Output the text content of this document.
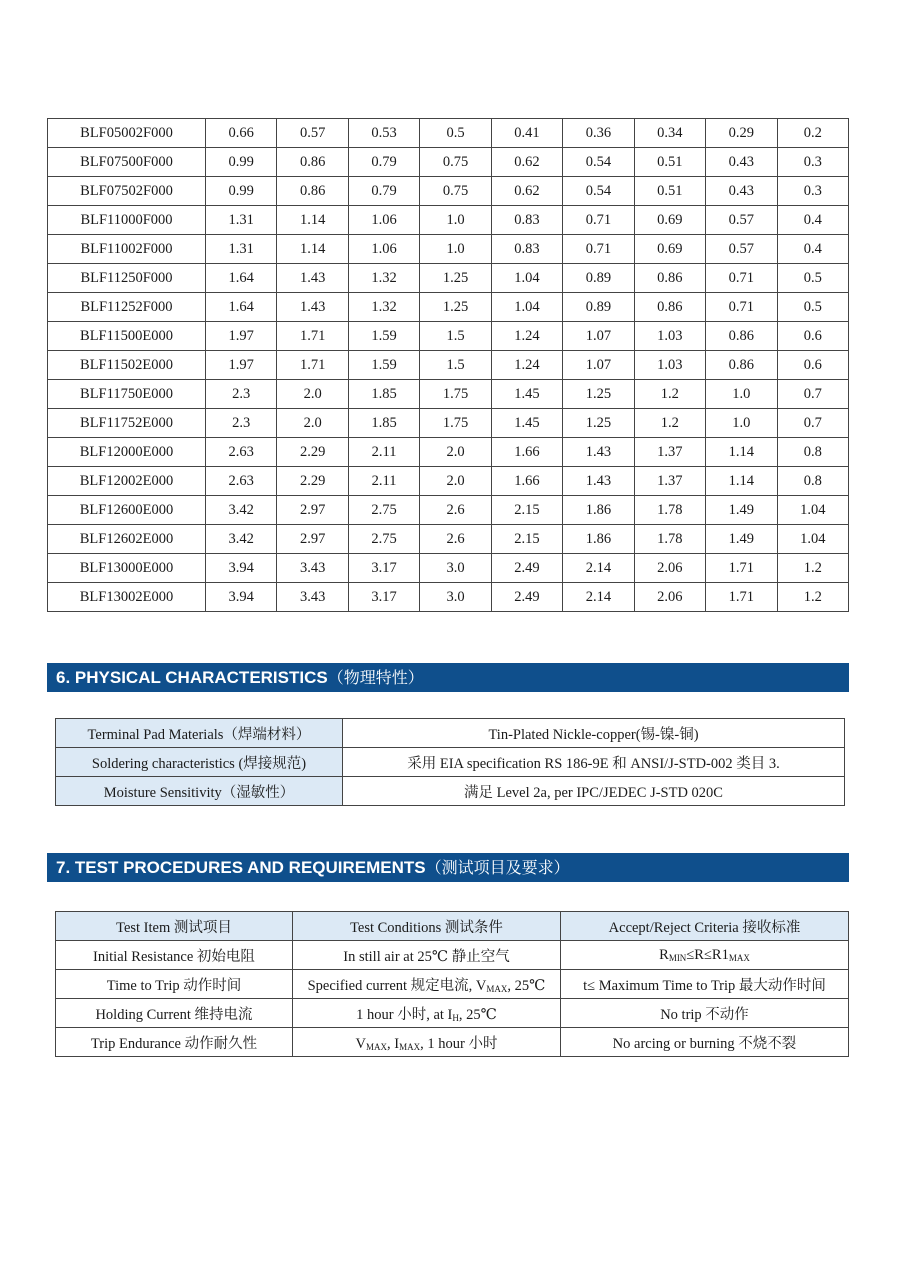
BLF05002F000	0.66	0.57	0.53	0.5	0.41	0.36	0.34	0.29	0.2
BLF07500F000	0.99	0.86	0.79	0.75	0.62	0.54	0.51	0.43	0.3
BLF07502F000	0.99	0.86	0.79	0.75	0.62	0.54	0.51	0.43	0.3
BLF11000F000	1.31	1.14	1.06	1.0	0.83	0.71	0.69	0.57	0.4
BLF11002F000	1.31	1.14	1.06	1.0	0.83	0.71	0.69	0.57	0.4
BLF11250F000	1.64	1.43	1.32	1.25	1.04	0.89	0.86	0.71	0.5
BLF11252F000	1.64	1.43	1.32	1.25	1.04	0.89	0.86	0.71	0.5
BLF11500E000	1.97	1.71	1.59	1.5	1.24	1.07	1.03	0.86	0.6
BLF11502E000	1.97	1.71	1.59	1.5	1.24	1.07	1.03	0.86	0.6
BLF11750E000	2.3	2.0	1.85	1.75	1.45	1.25	1.2	1.0	0.7
BLF11752E000	2.3	2.0	1.85	1.75	1.45	1.25	1.2	1.0	0.7
BLF12000E000	2.63	2.29	2.11	2.0	1.66	1.43	1.37	1.14	0.8
BLF12002E000	2.63	2.29	2.11	2.0	1.66	1.43	1.37	1.14	0.8
BLF12600E000	3.42	2.97	2.75	2.6	2.15	1.86	1.78	1.49	1.04
BLF12602E000	3.42	2.97	2.75	2.6	2.15	1.86	1.78	1.49	1.04
BLF13000E000	3.94	3.43	3.17	3.0	2.49	2.14	2.06	1.71	1.2
BLF13002E000	3.94	3.43	3.17	3.0	2.49	2.14	2.06	1.71	1.2
6. PHYSICAL CHARACTERISTICS（物理特性）
Terminal Pad Materials（焊端材料）	Tin-Plated Nickle-copper(锡-镍-铜)
Soldering characteristics (焊接规范)	采用 EIA specification RS 186-9E 和 ANSI/J-STD-002 类目 3.
Moisture Sensitivity（湿敏性）	满足 Level 2a, per IPC/JEDEC J-STD 020C
7. TEST PROCEDURES AND REQUIREMENTS（测试项目及要求）
Test Item 测试项目	Test Conditions 测试条件	Accept/Reject Criteria 接收标准
Initial Resistance 初始电阻	In still air at 25℃ 静止空气	$R_{MIN}\le R\le R1_{MAX}$
Time to Trip 动作时间	Specified current 规定电流, $V_{MAX}$, 25℃	t≤ Maximum Time to Trip 最大动作时间
Holding Current 维持电流	1 hour 小时, at $I_H$, 25℃	No trip 不动作
Trip Endurance 动作耐久性	$V_{MAX}$, $I_{MAX}$, 1 hour 小时	No arcing or burning 不烧不裂
